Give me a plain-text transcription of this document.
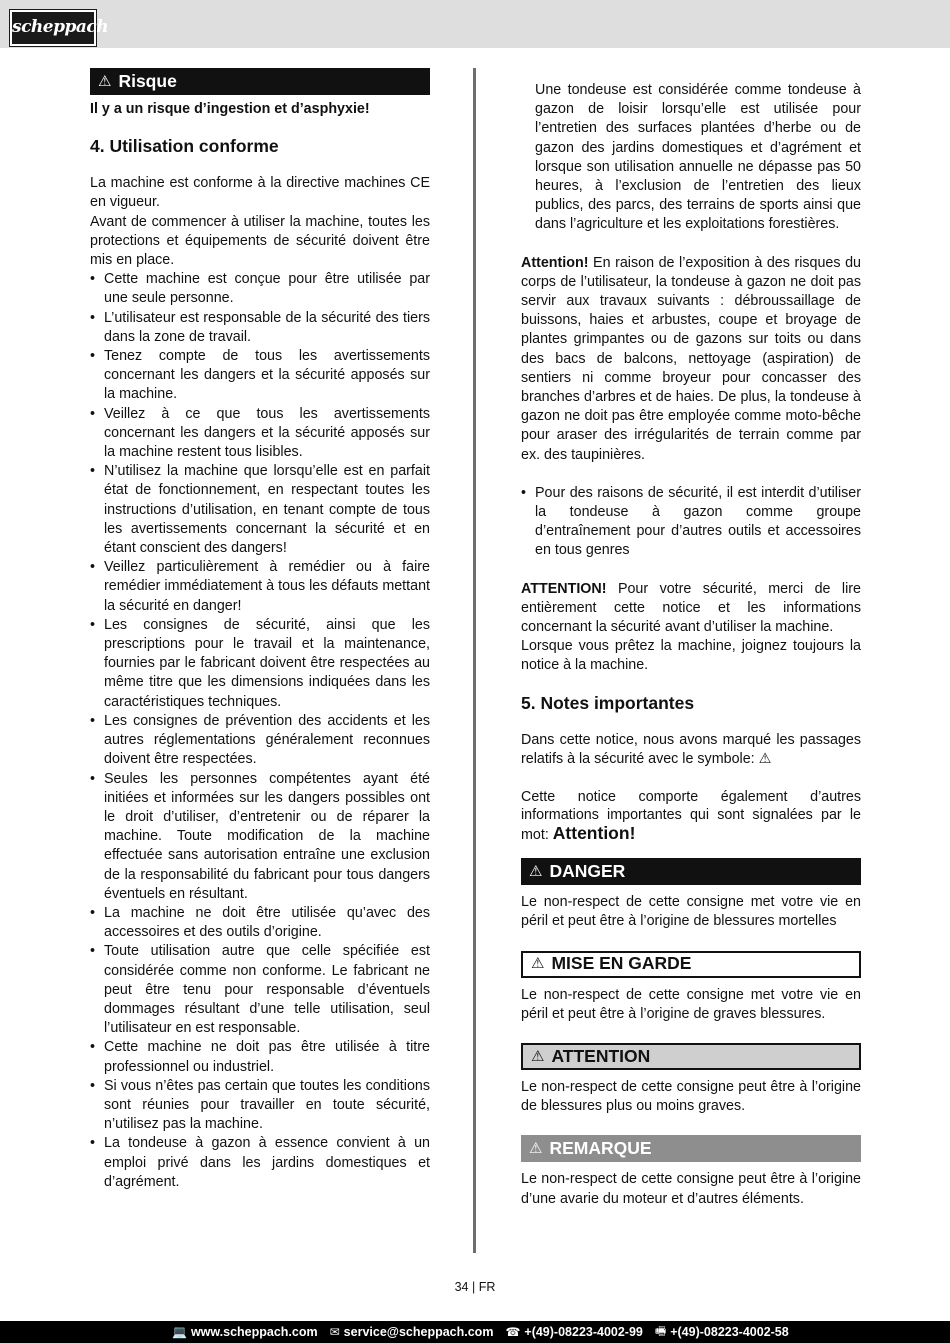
scheppach
⚠ Risque
Il y a un risque d’ingestion et d’asphyxie!
4. Utilisation conforme

La machine est conforme à la directive machines CE en vigueur.

Avant de commencer à utiliser la machine, toutes les protections et équipements de sécurité doivent être mis en place.

• Cette machine est conçue pour être utilisée par une seule personne.
• L’utilisateur est responsable de la sécurité des tiers dans la zone de travail.
• Tenez compte de tous les avertissements concernant les dangers et la sécurité apposés sur la machine.
• Veillez à ce que tous les avertissements concernant les dangers et la sécurité apposés sur la machine restent tous lisibles.
• N’utilisez la machine que lorsqu’elle est en parfait état de fonctionnement, en respectant toutes les instructions d’utilisation, en tenant compte de tous les avertissements concernant la sécurité et en étant conscient des dangers!
• Veillez particulièrement à remédier ou à faire remédier immédiatement à tous les défauts mettant la sécurité en danger!
• Les consignes de sécurité, ainsi que les prescriptions pour le travail et la maintenance, fournies par le fabricant doivent être respectées au même titre que les dimensions indiquées dans les caractéristiques techniques.
• Les consignes de prévention des accidents et les autres réglementations généralement reconnues doivent être respectées.
• Seules les personnes compétentes ayant été initiées et informées sur les dangers possibles ont le droit d’utiliser, d’entretenir ou de réparer la machine. Toute modification de la machine effectuée sans autorisation entraîne une exclusion de la responsabilité du fabricant pour tous dangers éventuels en résultant.
• La machine ne doit être utilisée qu’avec des accessoires et des outils d’origine.
• Toute utilisation autre que celle spécifiée est considérée comme non conforme. Le fabricant ne peut être tenu pour responsable d’éventuels dommages résultant d’une telle utilisation, seul l’utilisateur en est responsable.
• Cette machine ne doit pas être utilisée à titre professionnel ou industriel.
• Si vous n’êtes pas certain que toutes les conditions sont réunies pour travailler en toute sécurité, n’utilisez pas la machine.
• La tondeuse à gazon à essence convient à un emploi privé dans les jardins domestiques et d’agrément.

Une tondeuse est considérée comme tondeuse à gazon de loisir lorsqu’elle est utilisée pour l’entretien des surfaces plantées d’herbe ou de gazon des jardins domestiques et d’agrément et lorsque son utilisation annuelle ne dépasse pas 50 heures, à l’exclusion de l’entretien des lieux publics, des parcs, des terrains de sports ainsi que dans l’agriculture et les exploitations forestières.

Attention! En raison de l’exposition à des risques du corps de l’utilisateur, la tondeuse à gazon ne doit pas servir aux travaux suivants : débroussaillage de buissons, haies et arbustes, coupe et broyage de plantes grimpantes ou de gazons sur toits ou dans des bacs de balcons, nettoyage (aspiration) de sentiers ni comme broyeur pour concasser des branches d’arbres et de haies. De plus, la tondeuse à gazon ne doit pas être employée comme moto-bêche pour araser des irrégularités de terrain comme par ex. des taupinières.

• Pour des raisons de sécurité, il est interdit d’utiliser la tondeuse à gazon comme groupe d’entraînement pour d’autres outils et accessoires en tous genres

ATTENTION! Pour votre sécurité, merci de lire entièrement cette notice et les informations concernant la sécurité avant d’utiliser la machine.

Lorsque vous prêtez la machine, joignez toujours la notice à la machine.

5. Notes importantes

Dans cette notice, nous avons marqué les passages relatifs à la sécurité avec le symbole: ⚠

Cette notice comporte également d’autres informations importantes qui sont signalées par le mot: Attention!

⚠ DANGER

Le non-respect de cette consigne met votre vie en péril et peut être à l’origine de blessures mortelles

⚠ MISE EN GARDE

Le non-respect de cette consigne met votre vie en péril et peut être à l’origine de graves blessures.

⚠ ATTENTION

Le non-respect de cette consigne peut être à l’origine de blessures plus ou moins graves.

⚠ REMARQUE

Le non-respect de cette consigne peut être à l’origine d’une avarie du moteur et d’autres éléments.

34 | FR
💻 www.scheppach.com ✉ service@scheppach.com ☎ +(49)-08223-4002-99 🖷 +(49)-08223-4002-58
